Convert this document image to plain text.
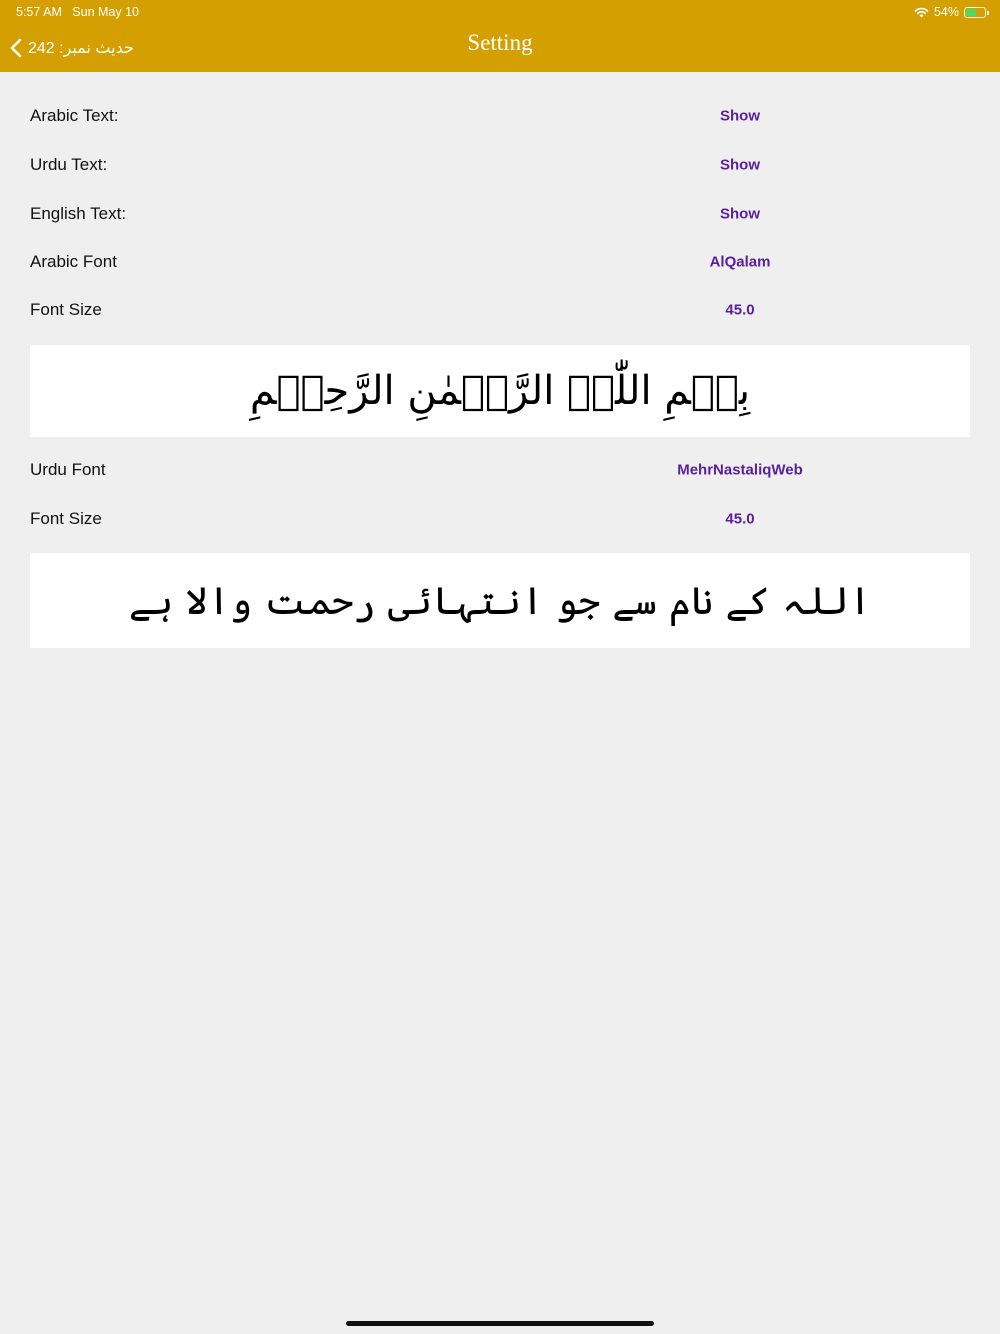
5:57 AM Sun May 10	54%
حدیث نمبر: 242	Setting
Arabic Text:	Show
Urdu Text:	Show
English Text:	Show
Arabic Font	AlQalam
Font Size	45.0
بِسۡمِ اللّٰہِ الرَّحۡمٰنِ الرَّحِیۡمِ
Urdu Font	MehrNastaliqWeb
Font Size	45.0
اللہ کے نام سے جو انتہائی رحمت والا ہے
